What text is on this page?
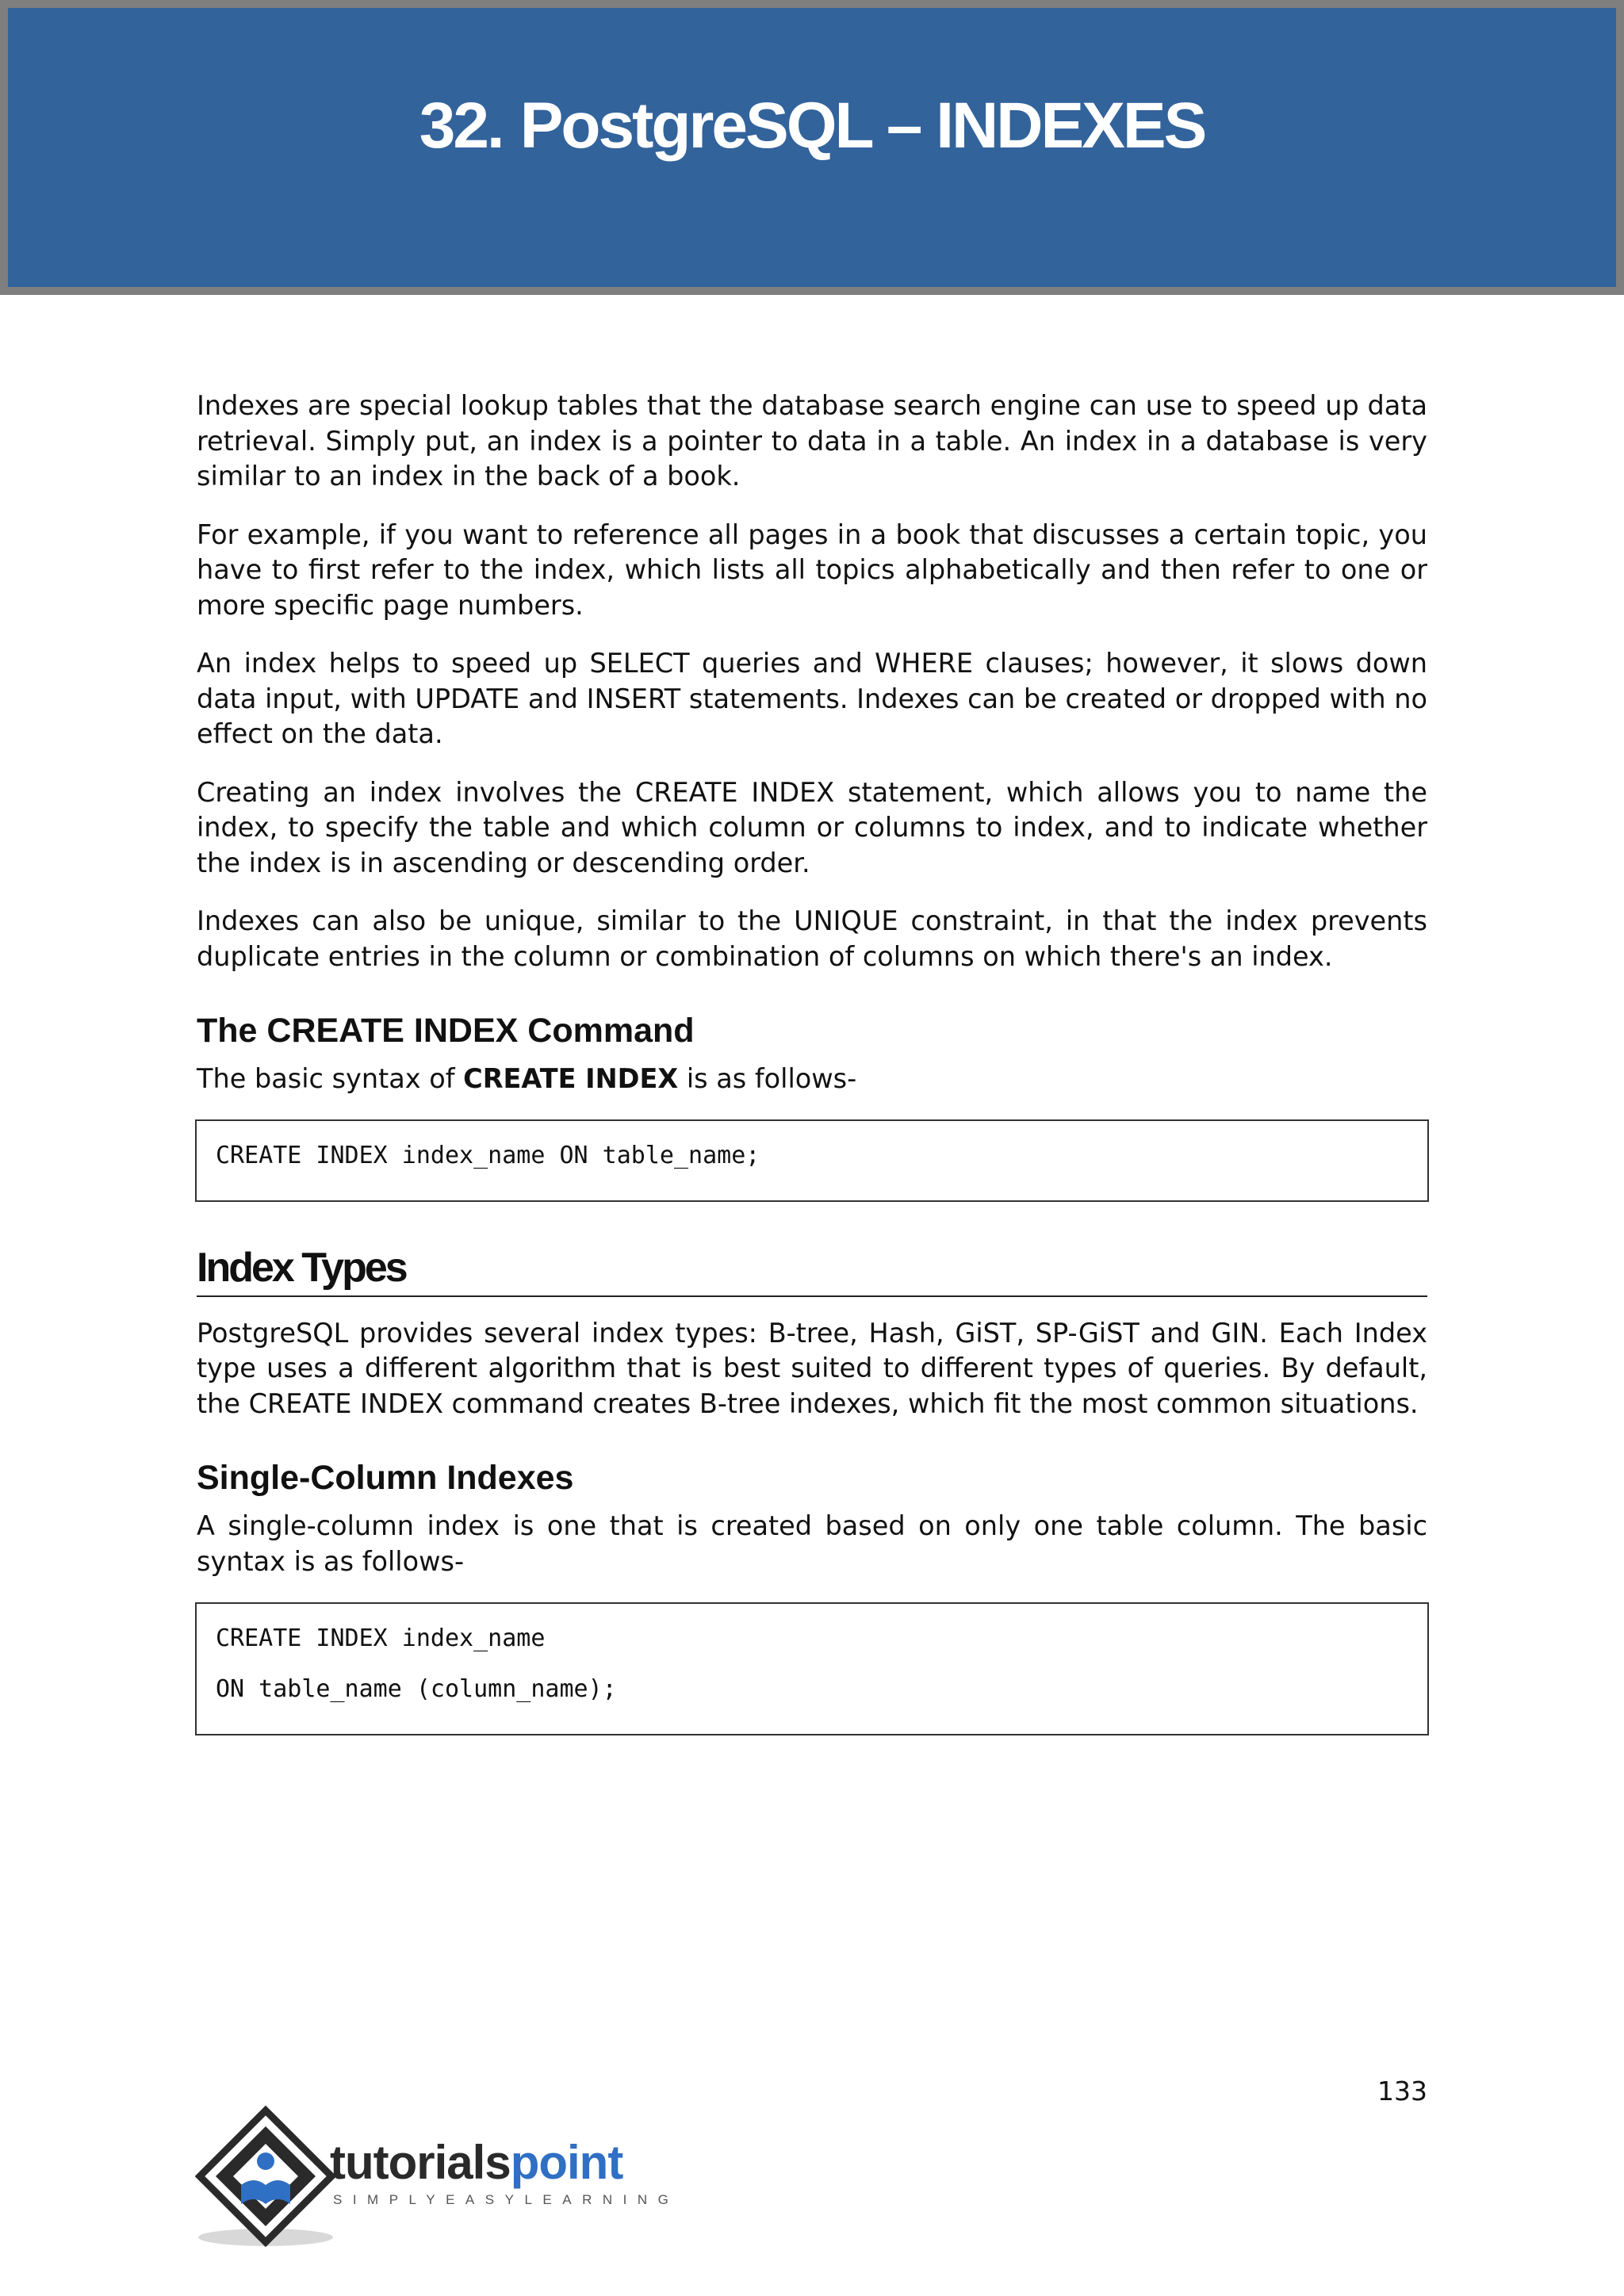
32. PostgreSQL – INDEXES

Indexes are special lookup tables that the database search engine can use to speed up data retrieval. Simply put, an index is a pointer to data in a table. An index in a database is very similar to an index in the back of a book.

For example, if you want to reference all pages in a book that discusses a certain topic, you have to first refer to the index, which lists all topics alphabetically and then refer to one or more specific page numbers.

An index helps to speed up SELECT queries and WHERE clauses; however, it slows down data input, with UPDATE and INSERT statements. Indexes can be created or dropped with no effect on the data.

Creating an index involves the CREATE INDEX statement, which allows you to name the index, to specify the table and which column or columns to index, and to indicate whether the index is in ascending or descending order.

Indexes can also be unique, similar to the UNIQUE constraint, in that the index prevents duplicate entries in the column or combination of columns on which there's an index.

The CREATE INDEX Command
The basic syntax of CREATE INDEX is as follows-
CREATE INDEX index_name ON table_name;
Index Types

PostgreSQL provides several index types: B-tree, Hash, GiST, SP-GiST and GIN. Each Index type uses a different algorithm that is best suited to different types of queries. By default, the CREATE INDEX command creates B-tree indexes, which fit the most common situations.

Single-Column Indexes

A single-column index is one that is created based on only one table column. The basic syntax is as follows-

CREATE INDEX index_name
ON table_name (column_name);
133
tutorialspoint
SIMPLYEASYLEARNING
